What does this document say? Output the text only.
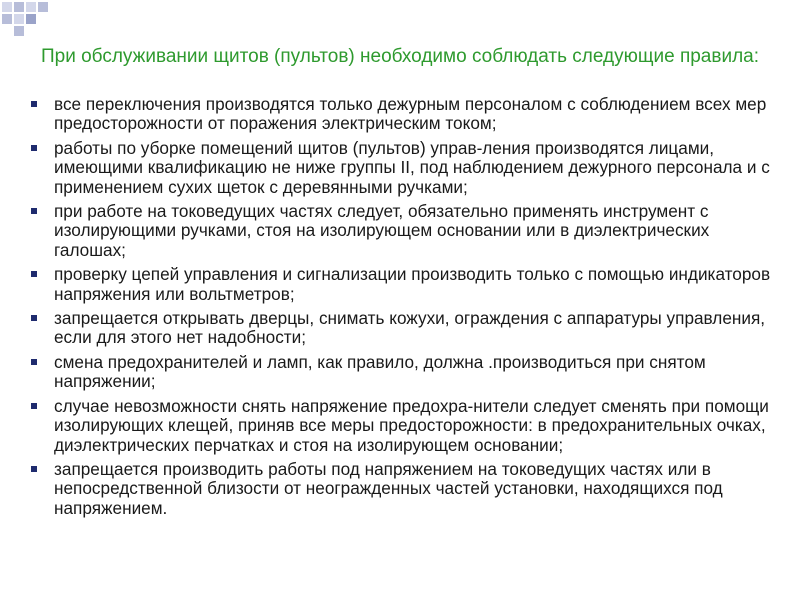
При обслуживании щитов (пультов) необходимо соблюдать следующие правила:
все переключения производятся только дежурным персоналом с соблюдением всех мер предосторожности от поражения электрическим током;
работы по уборке помещений щитов (пультов) управ-ления производятся лицами, имеющими квалификацию не ниже группы II, под наблюдением дежурного персонала и с применением сухих щеток с деревянными ручками;
при работе на токоведущих частях следует, обязательно применять инструмент с изолирующими ручками, стоя на изолирующем основании или в диэлектрических галошах;
проверку цепей управления и сигнализации производить только с помощью индикаторов напряжения или вольтметров;
запрещается открывать дверцы, снимать кожухи, ограждения с аппаратуры управления, если для этого нет надобности;
смена предохранителей и ламп, как правило, должна .производиться при снятом напряжении;
случае невозможности снять напряжение предохра-нители следует сменять при помощи изолирующих клещей, приняв все меры предосторожности: в предохранительных очках, диэлектрических перчатках и стоя на изолирующем основании;
запрещается производить работы под напряжением на токоведущих частях или в непосредственной близости от неогражденных частей установки, находящихся под напряжением.
